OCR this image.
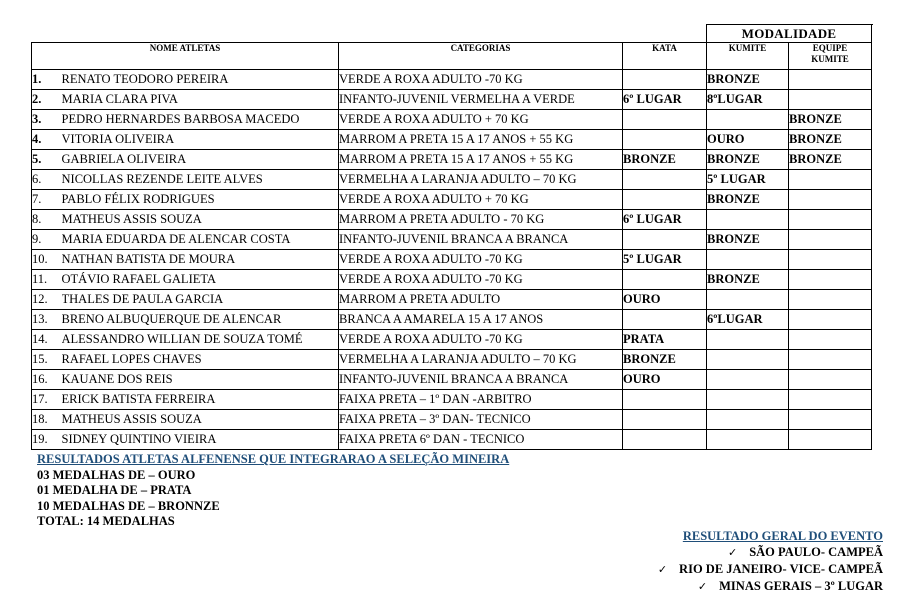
				MODALIDADE	
NOME ATLETAS		CATEGORIAS	KATA	KUMITE	EQUIPE
KUMITE
1.	RENATO TEODORO PEREIRA	VERDE A ROXA ADULTO -70 KG		BRONZE	
2.	MARIA CLARA PIVA	INFANTO-JUVENIL VERMELHA A VERDE	6º LUGAR	8ºLUGAR	
3.	PEDRO HERNARDES BARBOSA MACEDO	VERDE A ROXA ADULTO + 70 KG			BRONZE
4.	VITORIA OLIVEIRA	MARROM A PRETA 15 A 17 ANOS + 55 KG		OURO	BRONZE
5.	GABRIELA OLIVEIRA	MARROM A PRETA 15 A 17 ANOS + 55 KG	BRONZE	BRONZE	BRONZE
6.	NICOLLAS REZENDE LEITE ALVES	VERMELHA A LARANJA ADULTO – 70 KG		5º LUGAR	
7.	PABLO FÉLIX RODRIGUES	VERDE A ROXA ADULTO + 70 KG		BRONZE	
8.	MATHEUS ASSIS SOUZA	MARROM A PRETA ADULTO - 70 KG	6º LUGAR		
9.	MARIA EDUARDA DE ALENCAR COSTA	INFANTO-JUVENIL BRANCA A BRANCA		BRONZE	
10.	NATHAN BATISTA DE MOURA	VERDE A ROXA ADULTO -70 KG	5º LUGAR		
11.	OTÁVIO RAFAEL GALIETA	VERDE A ROXA ADULTO -70 KG		BRONZE	
12.	THALES DE PAULA GARCIA	MARROM A PRETA ADULTO	OURO		
13.	BRENO ALBUQUERQUE DE ALENCAR	BRANCA A AMARELA 15 A 17 ANOS		6ºLUGAR	
14.	ALESSANDRO WILLIAN DE SOUZA TOMÉ	VERDE A ROXA ADULTO -70 KG	PRATA		
15.	RAFAEL LOPES CHAVES	VERMELHA A LARANJA ADULTO – 70 KG	BRONZE		
16.	KAUANE DOS REIS	INFANTO-JUVENIL BRANCA A BRANCA	OURO		
17.	ERICK BATISTA FERREIRA	FAIXA PRETA – 1º DAN -ARBITRO			
18.	MATHEUS ASSIS SOUZA	FAIXA PRETA – 3º DAN- TECNICO			
19.	SIDNEY QUINTINO VIEIRA	FAIXA PRETA 6º DAN - TECNICO			
RESULTADOS ATLETAS ALFENENSE QUE INTEGRARAO A SELEÇÃO MINEIRA
03 MEDALHAS DE – OURO
01 MEDALHA DE – PRATA
10 MEDALHAS DE – BRONNZE
TOTAL: 14 MEDALHAS
RESULTADO GERAL DO EVENTO
✓ SÃO PAULO- CAMPEÃ
✓ RIO DE JANEIRO- VICE- CAMPEÃ
✓ MINAS GERAIS – 3º LUGAR
